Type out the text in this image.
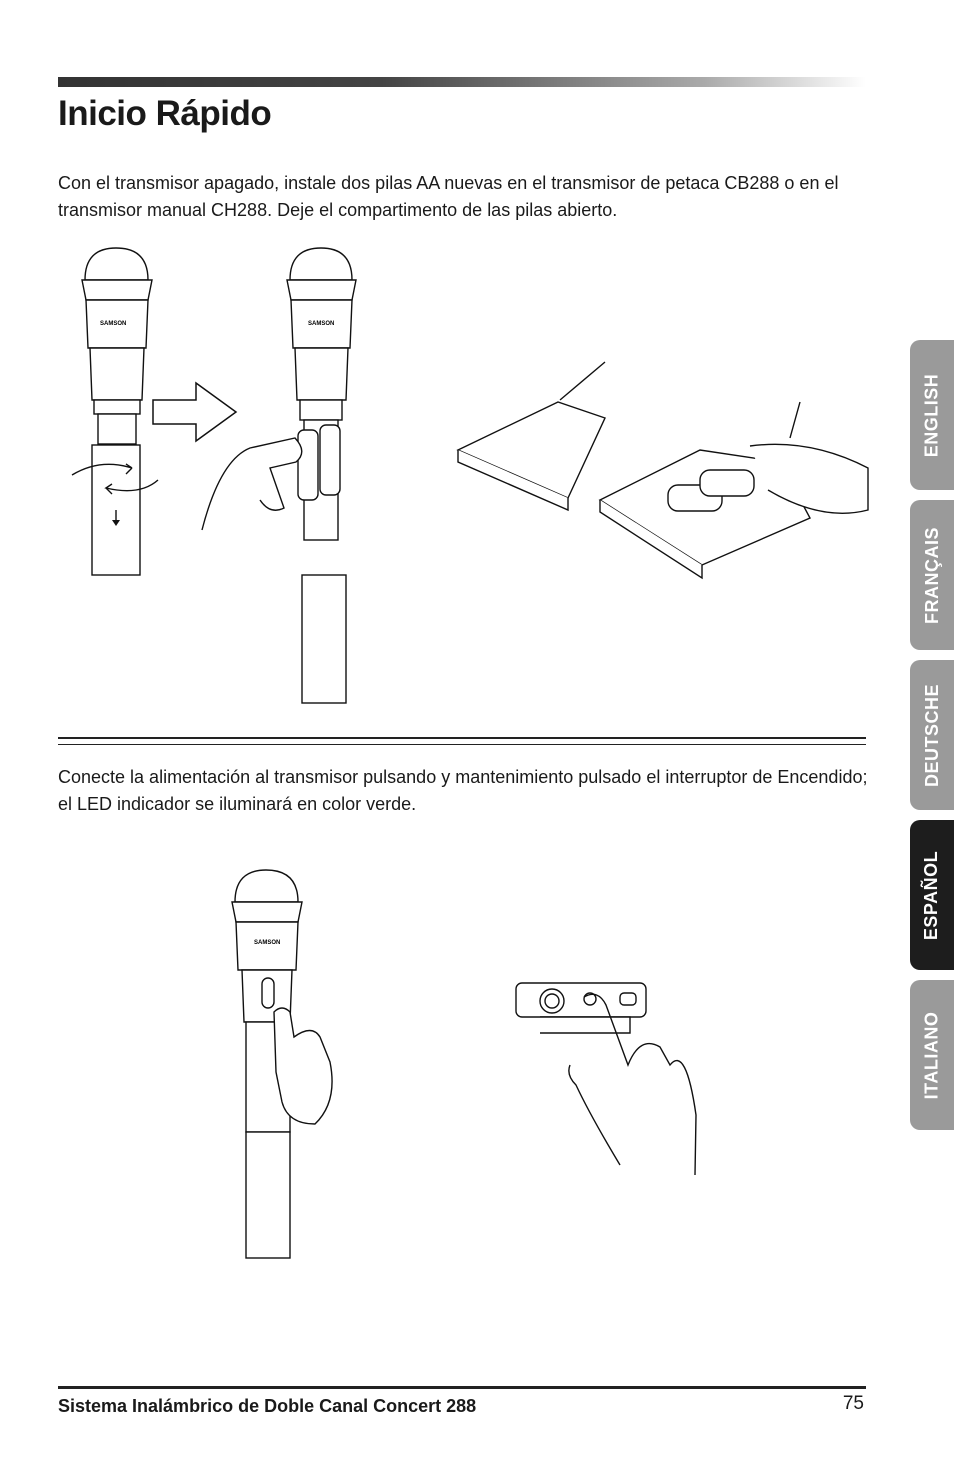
Inicio Rápido

Con el transmisor apagado, instale dos pilas AA nuevas en el transmisor de petaca CB288 o en el transmisor manual CH288. Deje el compartimento de las pilas abierto.

SAMSON	SAMSON

Conecte la alimentación al transmisor pulsando y mantenimiento pulsado el interruptor de Encendido; el LED indicador se iluminará en color verde.

SAMSON
ENGLISH
FRANÇAIS
DEUTSCHE
ESPAÑOL
ITALIANO
Sistema Inalámbrico de Doble Canal Concert 288	75
